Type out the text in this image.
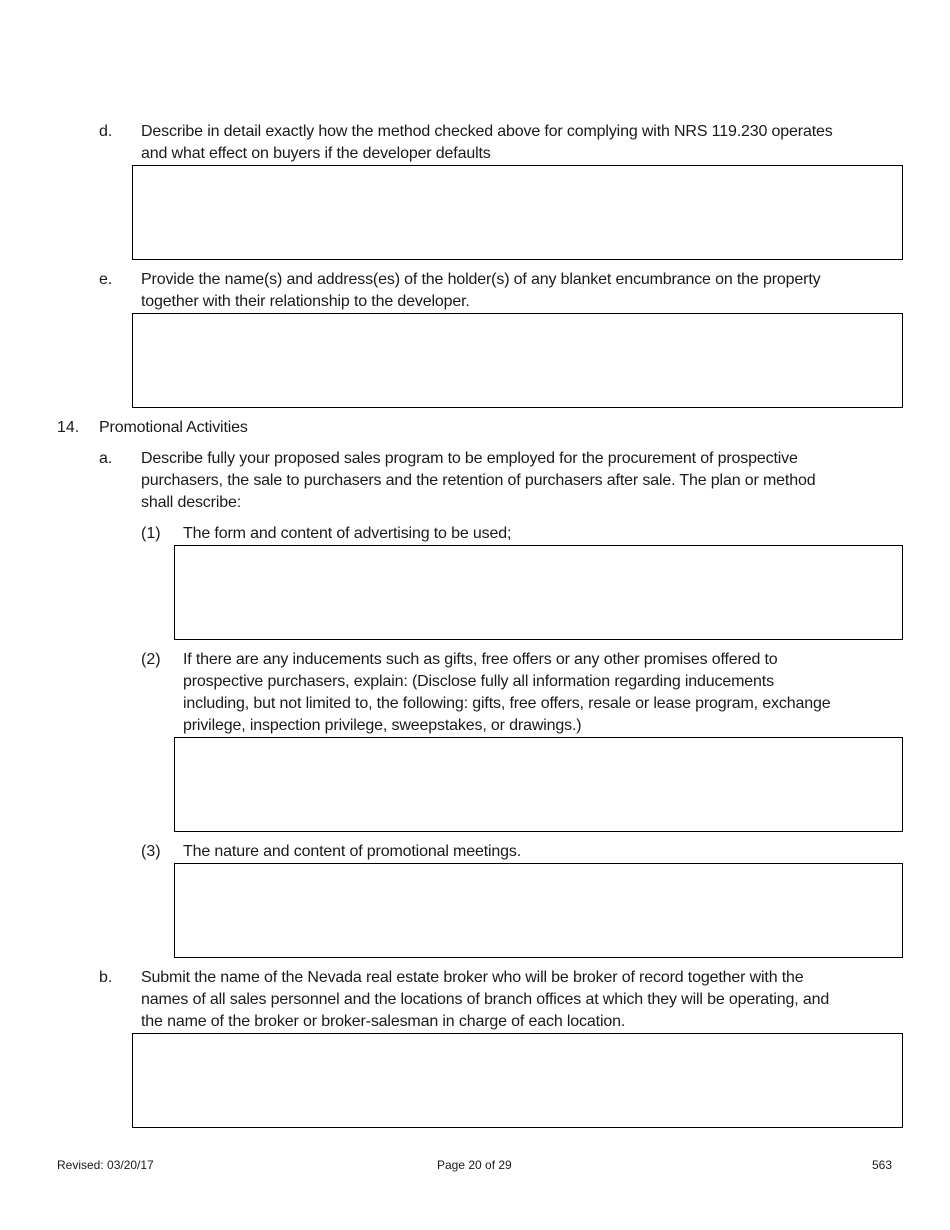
d. Describe in detail exactly how the method checked above for complying with NRS 119.230 operates
and what effect on buyers if the developer defaults
e. Provide the name(s) and address(es) of the holder(s) of any blanket encumbrance on the property
together with their relationship to the developer.
14. Promotional Activities
a. Describe fully your proposed sales program to be employed for the procurement of prospective
purchasers, the sale to purchasers and the retention of purchasers after sale. The plan or method
shall describe:
(1) The form and content of advertising to be used;
(2) If there are any inducements such as gifts, free offers or any other promises offered to
prospective purchasers, explain: (Disclose fully all information regarding inducements
including, but not limited to, the following: gifts, free offers, resale or lease program, exchange
privilege, inspection privilege, sweepstakes, or drawings.)
(3) The nature and content of promotional meetings.
b. Submit the name of the Nevada real estate broker who will be broker of record together with the
names of all sales personnel and the locations of branch offices at which they will be operating, and
the name of the broker or broker-salesman in charge of each location.
Revised: 03/20/17	Page 20 of 29	563
